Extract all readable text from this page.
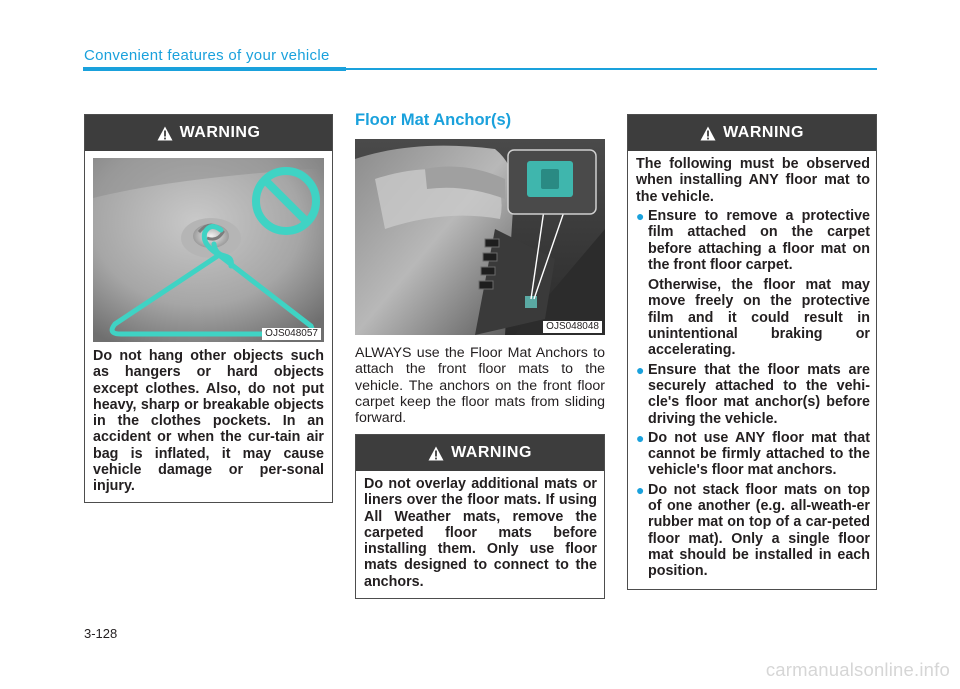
Convenient features of your vehicle
WARNING
OJS048057

Do not hang other objects such as hangers or hard objects except clothes. Also, do not put heavy, sharp or breakable objects in the clothes pockets. In an accident or when the cur-tain air bag is inflated, it may cause vehicle damage or per-sonal injury.

Floor Mat Anchor(s)
OJS048048

ALWAYS use the Floor Mat Anchors to attach the front floor mats to the vehicle. The anchors on the front floor carpet keep the floor mats from sliding forward.

WARNING

Do not overlay additional mats or liners over the floor mats. If using All Weather mats, remove the carpeted floor mats before installing them. Only use floor mats designed to connect to the anchors.

WARNING

The following must be observed when installing ANY floor mat to the vehicle.

● Ensure to remove a protective film attached on the carpet before attaching a floor mat on the front floor carpet.
Otherwise, the floor mat may move freely on the protective film and it could result in unintentional braking or accelerating.
● Ensure that the floor mats are securely attached to the vehi-cle's floor mat anchor(s) before driving the vehicle.
● Do not use ANY floor mat that cannot be firmly attached to the vehicle's floor mat anchors.
● Do not stack floor mats on top of one another (e.g. all-weath-er rubber mat on top of a car-peted floor mat). Only a single floor mat should be installed in each position.
3-128
carmanualsonline.info
